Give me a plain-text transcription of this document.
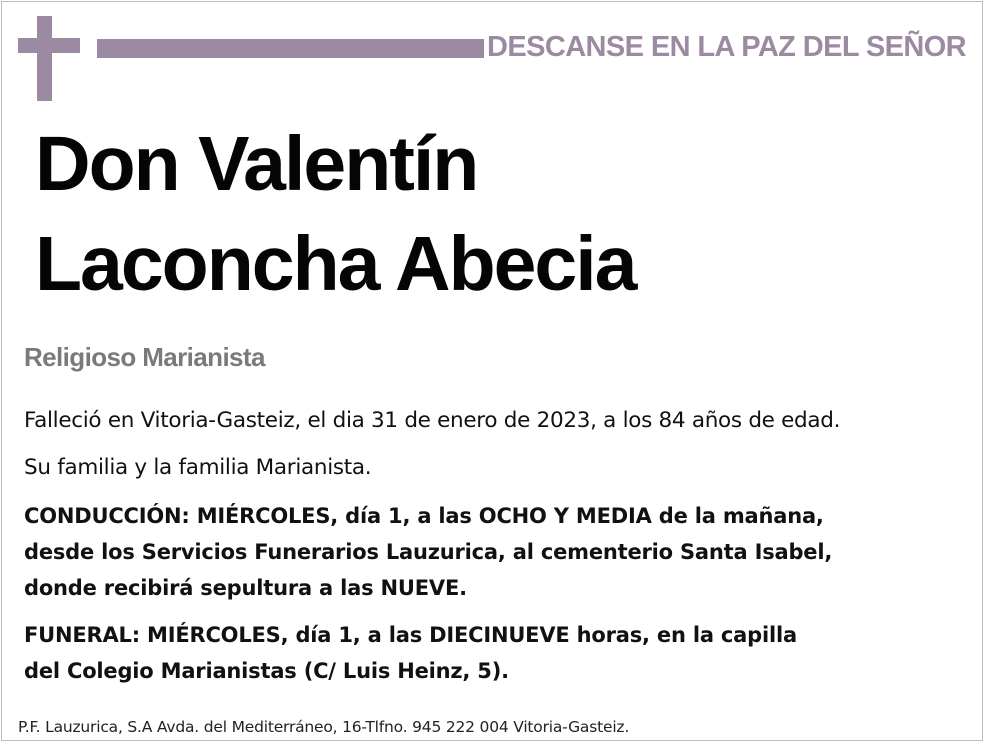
DESCANSE EN LA PAZ DEL SEÑOR
Don Valentín
Laconcha Abecia
Religioso Marianista
Falleció en Vitoria-Gasteiz, el dia 31 de enero de 2023, a los 84 años de edad.
Su familia y la familia Marianista.
CONDUCCIÓN: MIÉRCOLES, día 1, a las OCHO Y MEDIA de la mañana,
desde los Servicios Funerarios Lauzurica, al cementerio Santa Isabel,
donde recibirá sepultura a las NUEVE.
FUNERAL: MIÉRCOLES, día 1, a las DIECINUEVE horas, en la capilla
del Colegio Marianistas (C/ Luis Heinz, 5).
P.F. Lauzurica, S.A Avda. del Mediterráneo, 16-Tlfno. 945 222 004 Vitoria-Gasteiz.
